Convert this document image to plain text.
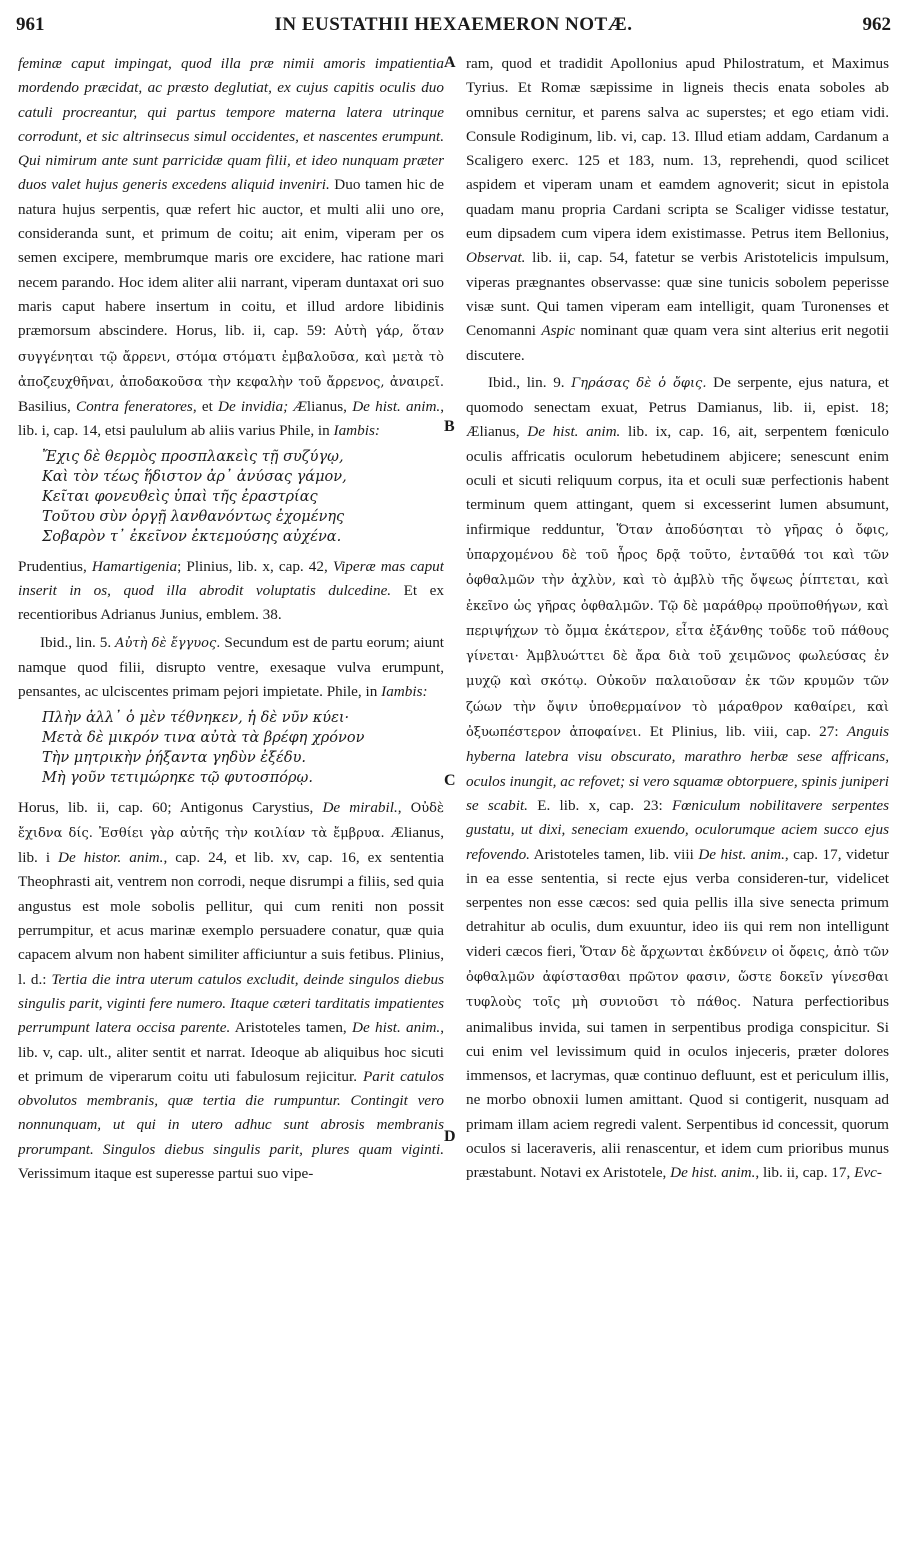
961	IN EUSTATHII HEXAEMERON NOTÆ.	962
A
B
C
D

feminæ caput impingat, quod illa præ nimii amoris impatientia mordendo præcidat, ac præsto deglutiat, ex cujus capitis oculis duo catuli procreantur, qui partus tempore materna latera utrinque corrodunt, et sic altrinsecus simul occidentes, et nascentes erumpunt. Qui nimirum ante sunt parricidæ quam filii, et ideo nunquam præter duos valet hujus generis excedens aliquid inveniri. Duo tamen hic de natura hujus serpentis, quæ refert hic auctor, et multi alii uno ore, consideranda sunt, et primum de coitu; ait enim, viperam per os semen excipere, membrumque maris ore excidere, hac ratione mari necem parando. Hoc idem aliter alii narrant, viperam duntaxat ori suo maris caput habere insertum in coitu, et illud ardore libidinis præmorsum abscindere. Horus, lib. ii, cap. 59: Αὐτὴ γάρ, ὅταν συγγένηται τῷ ἄρρενι, στόμα στόματι ἐμβαλοῦσα, καὶ μετὰ τὸ ἀποζευχθῆναι, ἀποδακοῦσα τὴν κεφαλὴν τοῦ ἄρρενος, ἀναιρεῖ. Basilius, Contra feneratores, et De invidia; Ælianus, De hist. anim., lib. i, cap. 14, etsi paululum ab aliis varius Phile, in Iambis:

Ἔχις δὲ θερμὸς προσπλακεὶς τῇ συζύγῳ,
Καὶ τὸν τέως ἥδιστον ἀρ᾽ ἀνύσας γάμον,
Κεῖται φονευθεὶς ὑπαὶ τῆς ἐραστρίας
Τοῦτου σὺν ὀργῇ λανθανόντως ἐχομένης
Σοβαρὸν τ᾽ ἐκεῖνον ἐκτεμούσης αὐχένα.

Prudentius, Hamartigenia; Plinius, lib. x, cap. 42, Viperæ mas caput inserit in os, quod illa abrodit voluptatis dulcedine. Et ex recentioribus Adrianus Junius, emblem. 38.

Ibid., lin. 5. Αὐτὴ δὲ ἔγγυος. Secundum est de partu eorum; aiunt namque quod filii, disrupto ventre, exesaque vulva erumpunt, pensantes, ac ulciscentes primam pejori impietate. Phile, in Iambis:

Πλὴν ἀλλ᾽ ὁ μὲν τέθνηκεν, ἡ δὲ νῦν κύει·
Μετὰ δὲ μικρόν τινα αὐτὰ τὰ βρέφη χρόνον
Τὴν μητρικὴν ῥήξαντα γηδὺν ἐξέδυ.
Μὴ γοῦν τετιμώρηκε τῷ φυτοσπόρῳ.

Horus, lib. ii, cap. 60; Antigonus Carystius, De mirabil., Οὐδὲ ἔχιδνα δίς. Ἐσθίει γὰρ αὐτῆς τὴν κοιλίαν τὰ ἔμβρυα. Ælianus, lib. i De histor. anim., cap. 24, et lib. xv, cap. 16, ex sententia Theophrasti ait, ventrem non corrodi, neque disrumpi a filiis, sed quia angustus est mole sobolis pellitur, qui cum reniti non possit perrumpitur, et acus marinæ exemplo persuadere conatur, quæ quia capacem alvum non habent similiter afficiuntur a suis fetibus. Plinius, l. d.: Tertia die intra uterum catulos excludit, deinde singulos diebus singulis parit, viginti fere numero. Itaque cæteri tarditatis impatientes perrumpunt latera occisa parente. Aristoteles tamen, De hist. anim., lib. v, cap. ult., aliter sentit et narrat. Ideoque ab aliquibus hoc sicuti et primum de viperarum coitu uti fabulosum rejicitur. Parit catulos obvolutos membranis, quæ tertia die rumpuntur. Contingit vero nonnunquam, ut qui in utero adhuc sunt abrosis membranis prorumpant. Singulos diebus singulis parit, plures quam viginti. Verissimum itaque est superesse partui suo vipe-

ram, quod et tradidit Apollonius apud Philostratum, et Maximus Tyrius. Et Romæ sæpissime in ligneis thecis enata soboles ab omnibus cernitur, et parens salva ac superstes; et ego etiam vidi. Consule Rodiginum, lib. vi, cap. 13. Illud etiam addam, Cardanum a Scaligero exerc. 125 et 183, num. 13, reprehendi, quod scilicet aspidem et viperam unam et eamdem agnoverit; sicut in epistola quadam manu propria Cardani scripta se Scaliger vidisse testatur, eum dipsadem cum vipera idem existimasse. Petrus item Bellonius, Observat. lib. ii, cap. 54, fatetur se verbis Aristotelicis impulsum, viperas prægnantes observasse: quæ sine tunicis sobolem peperisse visæ sunt. Qui tamen viperam eam intelligit, quam Turonenses et Cenomanni Aspic nominant quæ quam vera sint alterius erit negotii discutere.

Ibid., lin. 9. Γηράσας δὲ ὁ ὄφις. De serpente, ejus natura, et quomodo senectam exuat, Petrus Damianus, lib. ii, epist. 18; Ælianus, De hist. anim. lib. ix, cap. 16, ait, serpentem fœniculo oculis affricatis oculorum hebetudinem abjicere; senescunt enim oculi et sicuti reliquum corpus, ita et oculi suæ perfectionis habent terminum quem attingant, quem si excesserint lumen absumunt, infirmique redduntur, Ὅταν ἀποδύσηται τὸ γῆρας ὁ ὄφις, ὑπαρχομένου δὲ τοῦ ἦρος δρᾷ τοῦτο, ἐνταῦθά τοι καὶ τῶν ὀφθαλμῶν τὴν ἀχλὺν, καὶ τὸ ἀμβλὺ τῆς ὄψεως ῥίπτεται, καὶ ἐκεῖνο ὡς γῆρας ὀφθαλμῶν. Τῷ δὲ μαράθρῳ προϋποθήγων, καὶ περιψήχων τὸ ὄμμα ἑκάτερον, εἶτα ἐξάνθης τοῦδε τοῦ πάθους γίνεται· Ἀμβλυώττει δὲ ἄρα διὰ τοῦ χειμῶνος φωλεύσας ἐν μυχῷ καὶ σκότῳ. Οὐκοῦν παλαιοῦσαν ἐκ τῶν κρυμῶν τῶν ζώων τὴν ὄψιν ὑποθερμαίνον τὸ μάραθρον καθαίρει, καὶ ὀξυωπέστερον ἀποφαίνει. Et Plinius, lib. viii, cap. 27: Anguis hyberna latebra visu obscurato, marathro herbæ sese affricans, oculos inungit, ac refovet; si vero squamæ obtorpuere, spinis juniperi se scabit. E. lib. x, cap. 23: Fœniculum nobilitavere serpentes gustatu, ut dixi, seneciam exuendo, oculorumque aciem succo ejus refovendo. Aristoteles tamen, lib. viii De hist. anim., cap. 17, videtur in ea esse sententia, si recte ejus verba consideren-tur, videlicet serpentes non esse cæcos: sed quia pellis illa sive senecta primum detrahitur ab oculis, dum exuuntur, ideo iis qui rem non intelligunt videri cæcos fieri, Ὅταν δὲ ἄρχωνται ἐκδύνειν οἱ ὄφεις, ἀπὸ τῶν ὀφθαλμῶν ἀφίστασθαι πρῶτον φασιν, ὥστε δοκεῖν γίνεσθαι τυφλοὺς τοῖς μὴ συνιοῦσι τὸ πάθος. Natura perfectioribus animalibus invida, sui tamen in serpentibus prodiga conspicitur. Si cui enim vel levissimum quid in oculos injeceris, præter dolores immensos, et lacrymas, quæ continuo defluunt, est et periculum illis, ne morbo obnoxii lumen amittant. Quod si contigerit, nusquam ad primam illam aciem regredi valent. Serpentibus id concessit, quorum oculos si laceraveris, alii renascentur, et idem cum prioribus munus præstabunt. Notavi ex Aristotele, De hist. anim., lib. ii, cap. 17, Evc-
